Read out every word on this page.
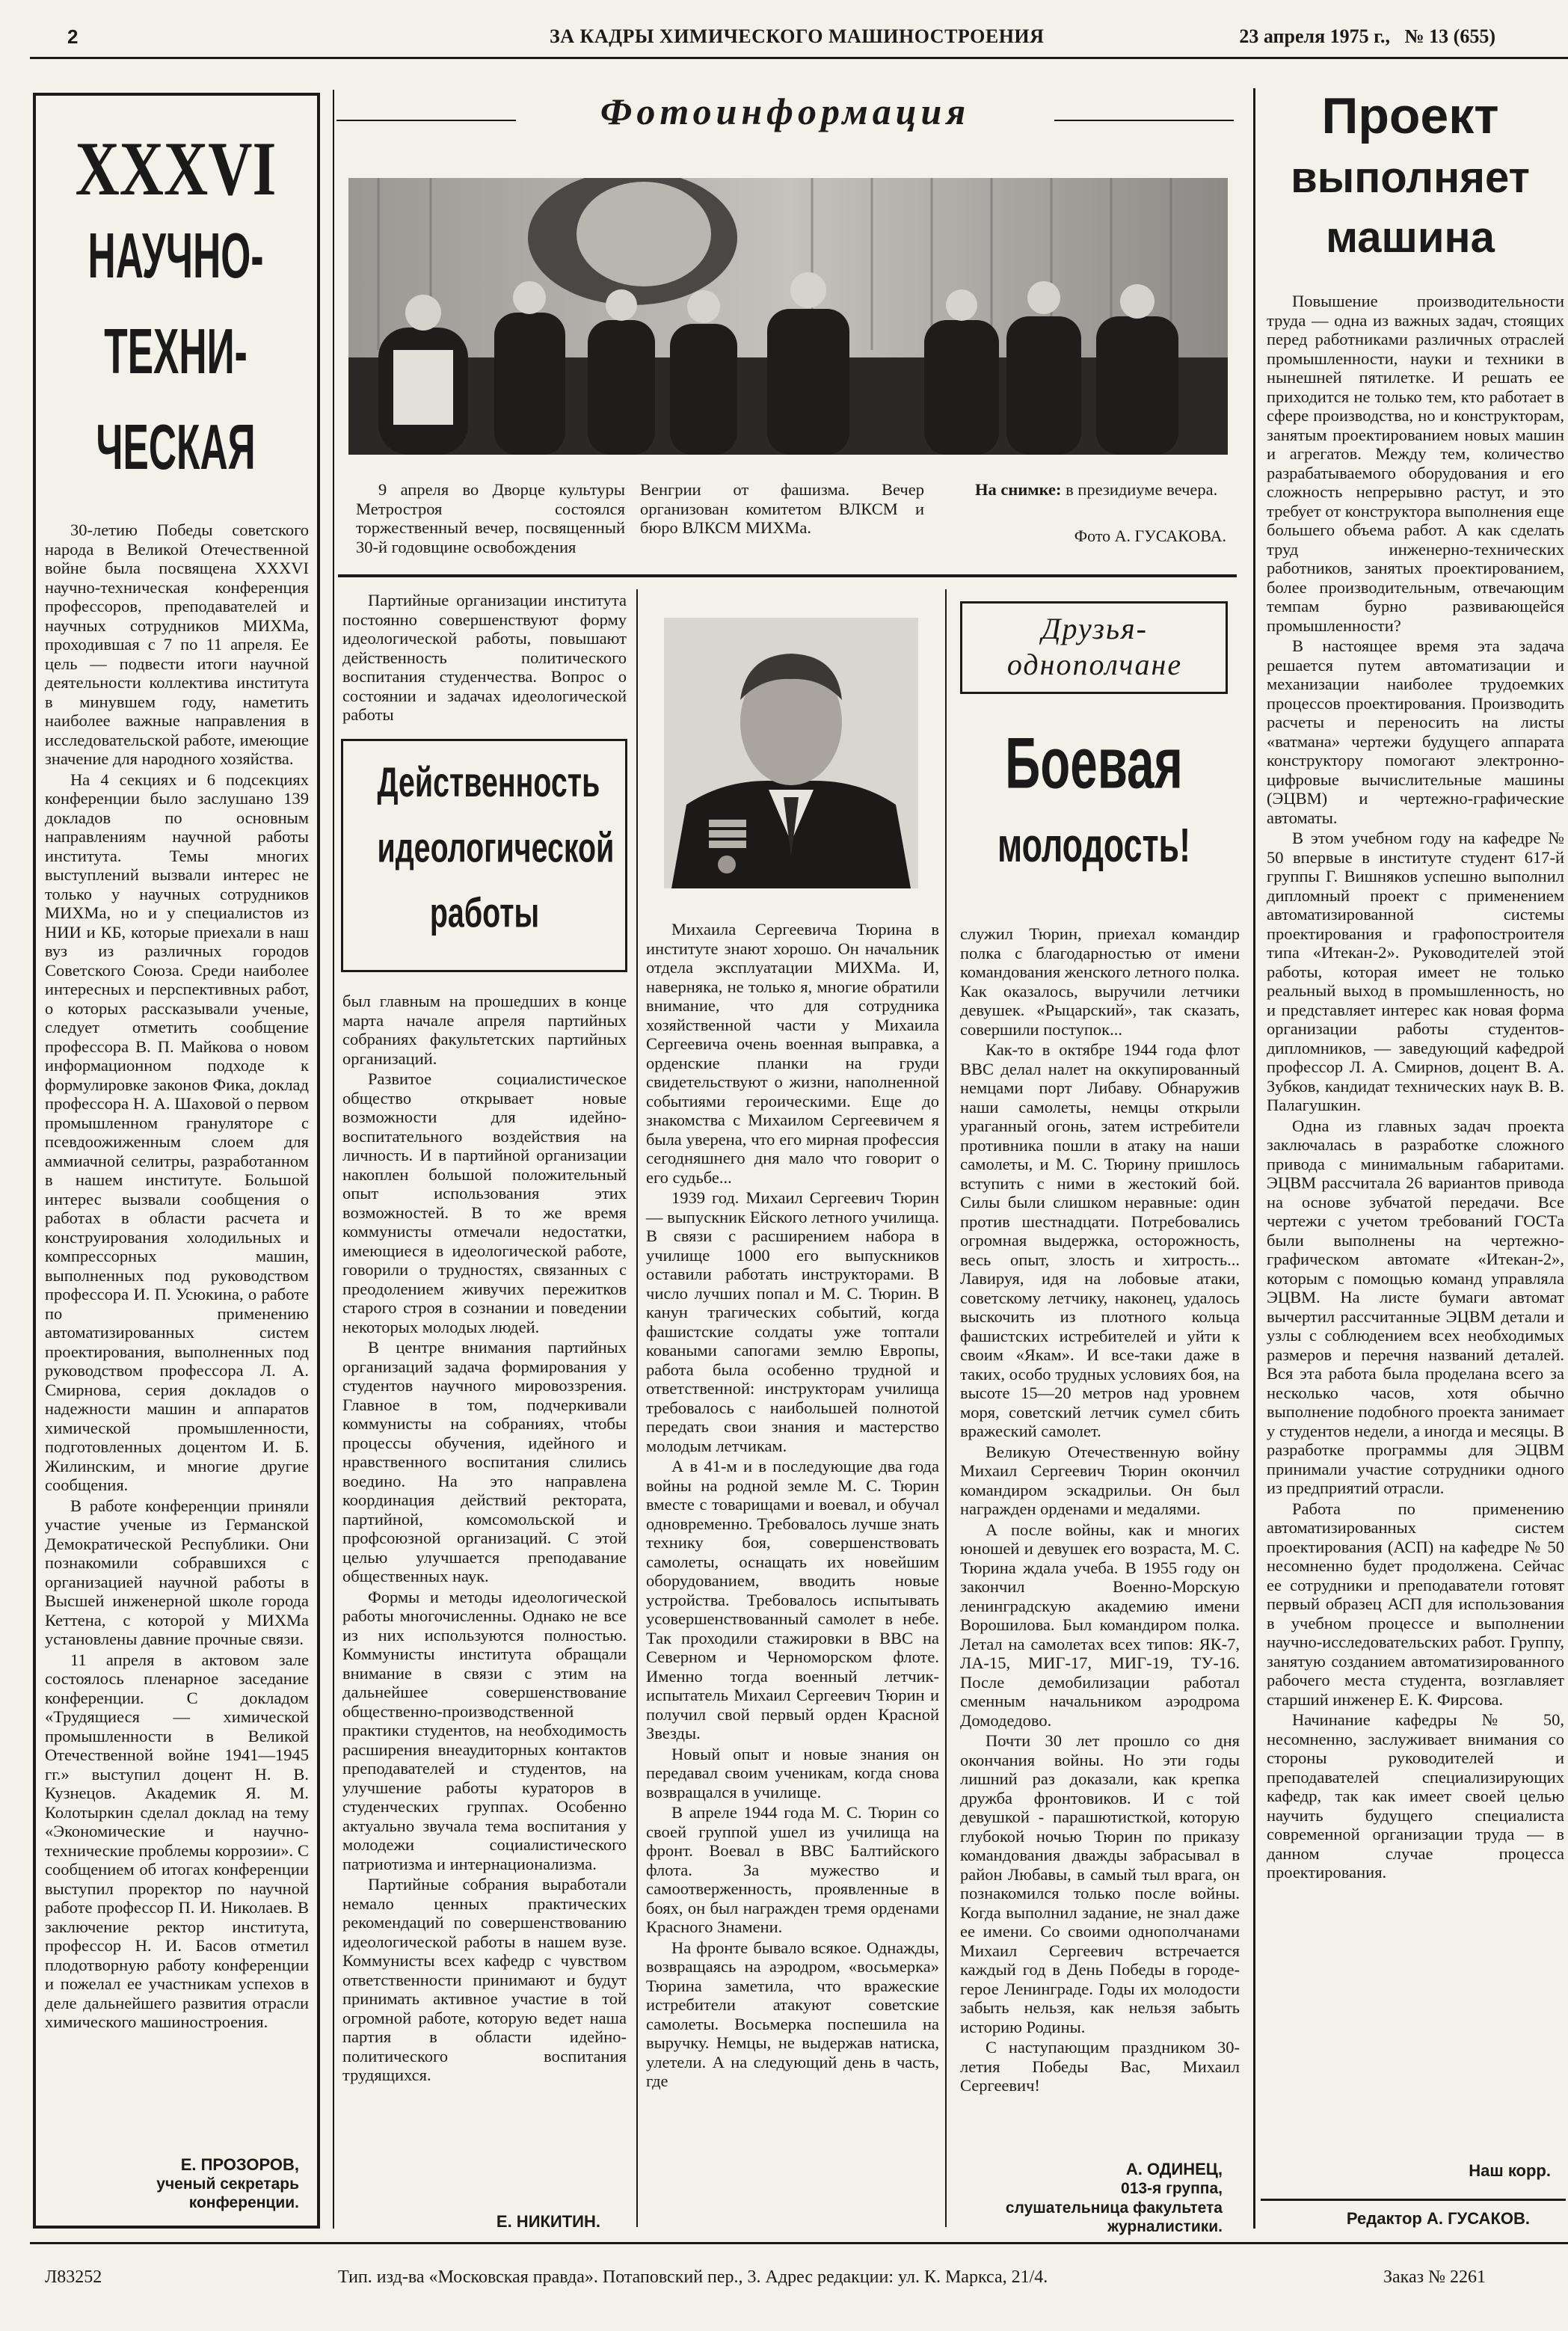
2	ЗА КАДРЫ ХИМИЧЕСКОГО МАШИНОСТРОЕНИЯ	23 апреля 1975 г.,   № 13 (655)
XXXVI
НАУЧНО-
ТЕХНИ-
ЧЕСКАЯ

30-летию Победы советского народа в Великой Отечественной войне была посвящена XXXVI научно-техническая конференция профессоров, преподавателей и научных сотрудников МИХМа, проходившая с 7 по 11 апреля. Ее цель — подвести итоги научной деятельности коллектива института в минувшем году, наметить наиболее важные направления в исследовательской работе, имеющие значение для народного хозяйства.

На 4 секциях и 6 подсекциях конференции было заслушано 139 докладов по основным направлениям научной работы института. Темы многих выступлений вызвали интерес не только у научных сотрудников МИХМа, но и у специалистов из НИИ и КБ, которые приехали в наш вуз из различных городов Советского Союза. Среди наиболее интересных и перспективных работ, о которых рассказывали ученые, следует отметить сообщение профессора В. П. Майкова о новом информационном подходе к формулировке законов Фика, доклад профессора Н. А. Шаховой о первом промышленном грануляторе с псевдоожиженным слоем для аммиачной селитры, разработанном в нашем институте. Большой интерес вызвали сообщения о работах в области расчета и конструирования холодильных и компрессорных машин, выполненных под руководством профессора И. П. Усюкина, о работе по применению автоматизированных систем проектирования, выполненных под руководством профессора Л. А. Смирнова, серия докладов о надежности машин и аппаратов химической промышленности, подготовленных доцентом И. Б. Жилинским, и многие другие сообщения.

В работе конференции приняли участие ученые из Германской Демократической Республики. Они познакомили собравшихся с организацией научной работы в Высшей инженерной школе города Кеттена, с которой у МИХМа установлены давние прочные связи.

11 апреля в актовом зале состоялось пленарное заседание конференции. С докладом «Трудящиеся — химической промышленности в Великой Отечественной войне 1941—1945 гг.» выступил доцент Н. В. Кузнецов. Академик Я. М. Колотыркин сделал доклад на тему «Экономические и научно-технические проблемы коррозии». С сообщением об итогах конференции выступил проректор по научной работе профессор П. И. Николаев. В заключение ректор института, профессор Н. И. Басов отметил плодотворную работу конференции и пожелал ее участникам успехов в деле дальнейшего развития отрасли химического машиностроения.

Е. ПРОЗОРОВ,
ученый секретарь конференции.
Фотоинформация
9 апреля во Дворце культуры Метростроя состоялся торжественный вечер, посвященный 30-й годовщине освобождения
Венгрии от фашизма. Вечер организован комитетом ВЛКСМ и бюро ВЛКСМ МИХМа.
На снимке: в президиуме вечера.
Фото А. ГУСАКОВА.
Партийные организации института постоянно совершенствуют форму идеологической работы, повышают действенность политического воспитания студенчества. Вопрос о состоянии и задачах идеологической работы
Действенность идеологической работы

был главным на прошедших в конце марта начале апреля партийных собраниях факультетских партийных организаций.

Развитое социалистическое общество открывает новые возможности для идейно-воспитательного воздействия на личность. И в партийной организации накоплен большой положительный опыт использования этих возможностей. В то же время коммунисты отмечали недостатки, имеющиеся в идеологической работе, говорили о трудностях, связанных с преодолением живучих пережитков старого строя в сознании и поведении некоторых молодых людей.

В центре внимания партийных организаций задача формирования у студентов научного мировоззрения. Главное в том, подчеркивали коммунисты на собраниях, чтобы процессы обучения, идейного и нравственного воспитания слились воедино. На это направлена координация действий ректората, партийной, комсомольской и профсоюзной организаций. С этой целью улучшается преподавание общественных наук.

Формы и методы идеологической работы многочисленны. Однако не все из них используются полностью. Коммунисты института обращали внимание в связи с этим на дальнейшее совершенствование общественно-производственной практики студентов, на необходимость расширения внеаудиторных контактов преподавателей и студентов, на улучшение работы кураторов в студенческих группах. Особенно актуально звучала тема воспитания у молодежи социалистического патриотизма и интернационализма.

Партийные собрания выработали немало ценных практических рекомендаций по совершенствованию идеологической работы в нашем вузе. Коммунисты всех кафедр с чувством ответственности принимают и будут принимать активное участие в той огромной работе, которую ведет наша партия в области идейно-политического воспитания трудящихся.

Е. НИКИТИН.

Михаила Сергеевича Тюрина в институте знают хорошо. Он начальник отдела эксплуатации МИХМа. И, наверняка, не только я, многие обратили внимание, что для сотрудника хозяйственной части у Михаила Сергеевича очень военная выправка, а орденские планки на груди свидетельствуют о жизни, наполненной событиями героическими. Еще до знакомства с Михаилом Сергеевичем я была уверена, что его мирная профессия сегодняшнего дня мало что говорит о его судьбе...

1939 год. Михаил Сергеевич Тюрин — выпускник Ейского летного училища. В связи с расширением набора в училище 1000 его выпускников оставили работать инструкторами. В число лучших попал и М. С. Тюрин. В канун трагических событий, когда фашистские солдаты уже топтали коваными сапогами землю Европы, работа была особенно трудной и ответственной: инструкторам училища требовалось с наибольшей полнотой передать свои знания и мастерство молодым летчикам.

А в 41-м и в последующие два года войны на родной земле М. С. Тюрин вместе с товарищами и воевал, и обучал одновременно. Требовалось лучше знать технику боя, совершенствовать самолеты, оснащать их новейшим оборудованием, вводить новые устройства. Требовалось испытывать усовершенствованный самолет в небе. Так проходили стажировки в ВВС на Северном и Черноморском флоте. Именно тогда военный летчик-испытатель Михаил Сергеевич Тюрин и получил свой первый орден Красной Звезды.

Новый опыт и новые знания он передавал своим ученикам, когда снова возвращался в училище.

В апреле 1944 года М. С. Тюрин со своей группой ушел из училища на фронт. Воевал в ВВС Балтийского флота. За мужество и самоотверженность, проявленные в боях, он был награжден тремя орденами Красного Знамени.

На фронте бывало всякое. Однажды, возвращаясь на аэродром, «восьмерка» Тюрина заметила, что вражеские истребители атакуют советские самолеты. Восьмерка поспешила на выручку. Немцы, не выдержав натиска, улетели. А на следующий день в часть, где

Друзья-однополчане
Боевая
молодость!

служил Тюрин, приехал командир полка с благодарностью от имени командования женского летного полка. Как оказалось, выручили летчики девушек. «Рыцарский», так сказать, совершили поступок...

Как-то в октябре 1944 года флот ВВС делал налет на оккупированный немцами порт Либаву. Обнаружив наши самолеты, немцы открыли ураганный огонь, затем истребители противника пошли в атаку на наши самолеты, и М. С. Тюрину пришлось вступить с ними в жестокий бой. Силы были слишком неравные: один против шестнадцати. Потребовались огромная выдержка, осторожность, весь опыт, злость и хитрость... Лавируя, идя на лобовые атаки, советскому летчику, наконец, удалось выскочить из плотного кольца фашистских истребителей и уйти к своим «Якам». И все-таки даже в таких, особо трудных условиях боя, на высоте 15—20 метров над уровнем моря, советский летчик сумел сбить вражеский самолет.

Великую Отечественную войну Михаил Сергеевич Тюрин окончил командиром эскадрильи. Он был награжден орденами и медалями.

А после войны, как и многих юношей и девушек его возраста, М. С. Тюрина ждала учеба. В 1955 году он закончил Военно-Морскую ленинградскую академию имени Ворошилова. Был командиром полка. Летал на самолетах всех типов: ЯК-7, ЛА-15, МИГ-17, МИГ-19, ТУ-16. После демобилизации работал сменным начальником аэродрома Домодедово.

Почти 30 лет прошло со дня окончания войны. Но эти годы лишний раз доказали, как крепка дружба фронтовиков. И с той девушкой - парашютисткой, которую глубокой ночью Тюрин по приказу командования дважды забрасывал в район Любавы, в самый тыл врага, он познакомился только после войны. Когда выполнил задание, не знал даже ее имени. Со своими однополчанами Михаил Сергеевич встречается каждый год в День Победы в городе-герое Ленинграде. Годы их молодости забыть нельзя, как нельзя забыть историю Родины.

С наступающим праздником 30-летия Победы Вас, Михаил Сергеевич!

А. ОДИНЕЦ,
013-я группа,
слушательница факультета журналистики.
Проект
выполняет
машина

Повышение производительности труда — одна из важных задач, стоящих перед работниками различных отраслей промышленности, науки и техники в нынешней пятилетке. И решать ее приходится не только тем, кто работает в сфере производства, но и конструкторам, занятым проектированием новых машин и агрегатов. Между тем, количество разрабатываемого оборудования и его сложность непрерывно растут, и это требует от конструктора выполнения еще большего объема работ. А как сделать труд инженерно-технических работников, занятых проектированием, более производительным, отвечающим темпам бурно развивающейся промышленности?

В настоящее время эта задача решается путем автоматизации и механизации наиболее трудоемких процессов проектирования. Производить расчеты и переносить на листы «ватмана» чертежи будущего аппарата конструктору помогают электронно-цифровые вычислительные машины (ЭЦВМ) и чертежно-графические автоматы.

В этом учебном году на кафедре № 50 впервые в институте студент 617-й группы Г. Вишняков успешно выполнил дипломный проект с применением автоматизированной системы проектирования и графопостроителя типа «Итекан-2». Руководителей этой работы, которая имеет не только реальный выход в промышленность, но и представляет интерес как новая форма организации работы студентов-дипломников, — заведующий кафедрой профессор Л. А. Смирнов, доцент В. А. Зубков, кандидат технических наук В. В. Палагушкин.

Одна из главных задач проекта заключалась в разработке сложного привода с минимальным габаритами. ЭЦВМ рассчитала 26 вариантов привода на основе зубчатой передачи. Все чертежи с учетом требований ГОСТа были выполнены на чертежно-графическом автомате «Итекан-2», которым с помощью команд управляла ЭЦВМ. На листе бумаги автомат вычертил рассчитанные ЭЦВМ детали и узлы с соблюдением всех необходимых размеров и перечня названий деталей. Вся эта работа была проделана всего за несколько часов, хотя обычно выполнение подобного проекта занимает у студентов недели, а иногда и месяцы. В разработке программы для ЭЦВМ принимали участие сотрудники одного из предприятий отрасли.

Работа по применению автоматизированных систем проектирования (АСП) на кафедре № 50 несомненно будет продолжена. Сейчас ее сотрудники и преподаватели готовят первый образец АСП для использования в учебном процессе и выполнении научно-исследовательских работ. Группу, занятую созданием автоматизированного рабочего места студента, возглавляет старший инженер Е. К. Фирсова.

Начинание кафедры № 50, несомненно, заслуживает внимания со стороны руководителей и преподавателей специализирующих кафедр, так как имеет своей целью научить будущего специалиста современной организации труда — в данном случае процесса проектирования.

Наш корр.
Редактор А. ГУСАКОВ.
Л83252	Тип. изд-ва «Московская правда». Потаповский пер., 3. Адрес редакции: ул. К. Маркса, 21/4.	Заказ № 2261
